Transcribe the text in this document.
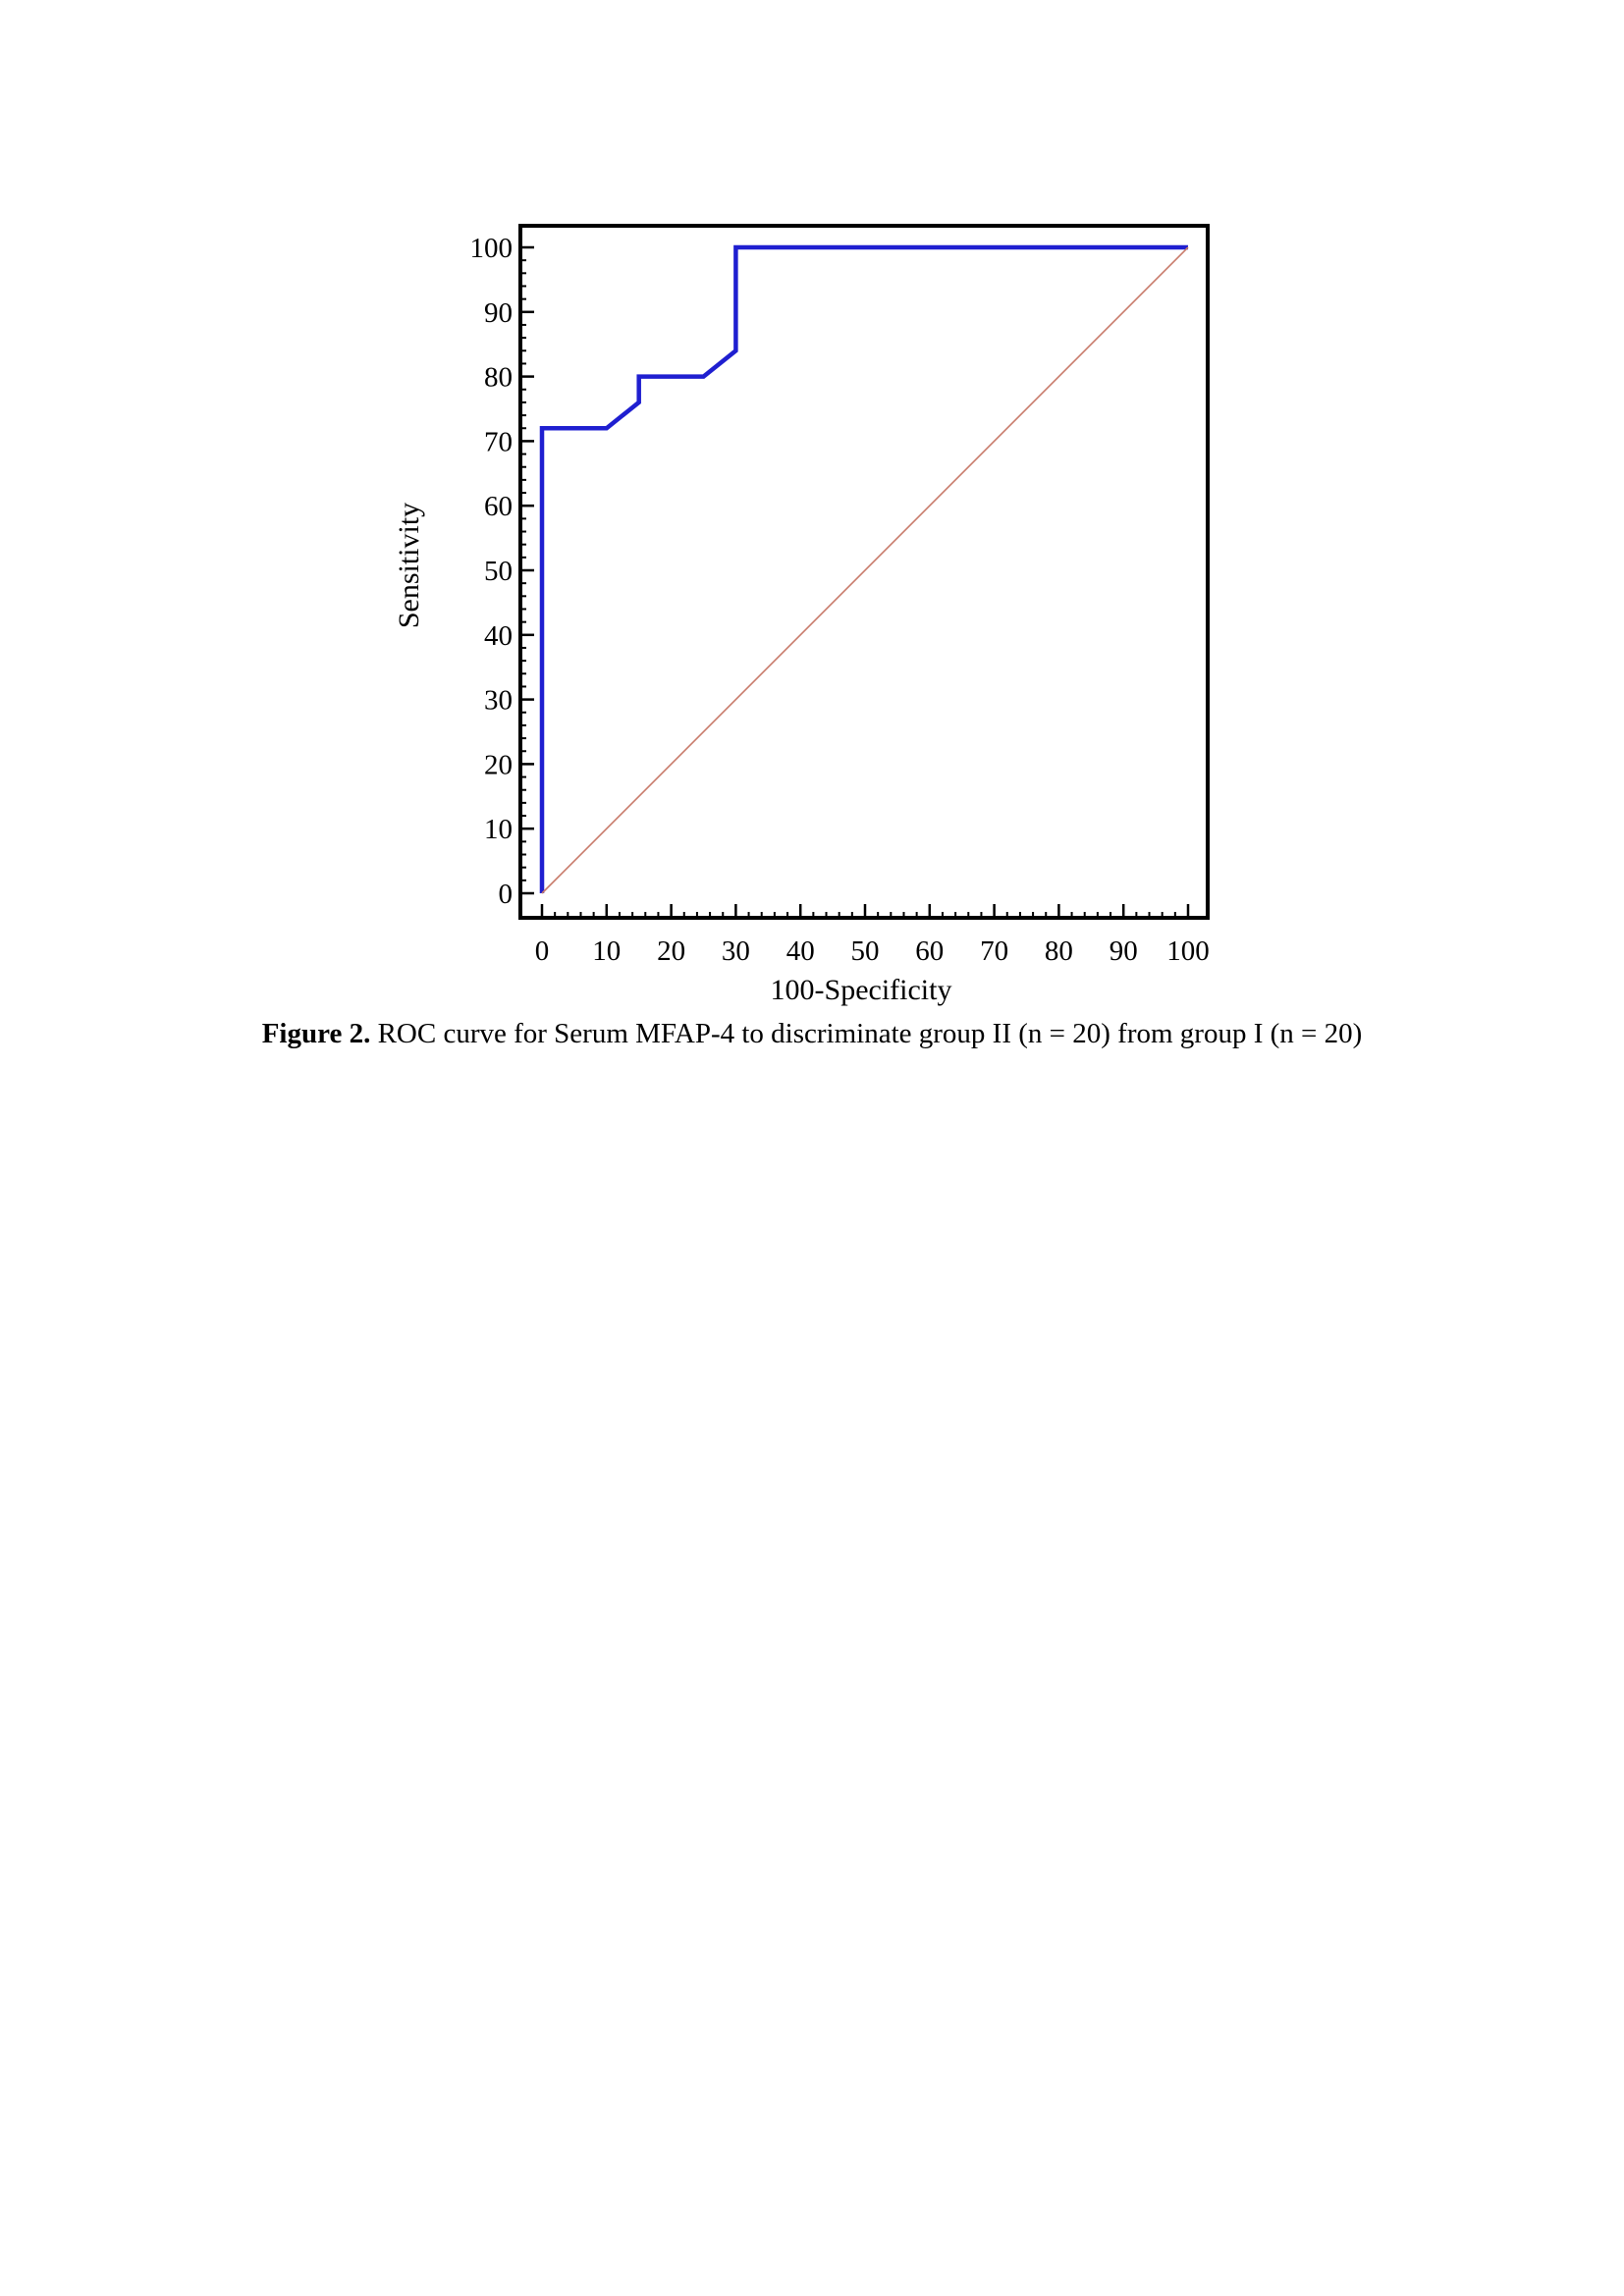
Sensitivity
100-Specificity
0 10 20 30 40 50 60 70 80 90 100
0
10
20
30
40
50
60
70
80
90
100
Figure 2. ROC curve for Serum MFAP-4 to discriminate group II (n = 20) from group I (n = 20)
